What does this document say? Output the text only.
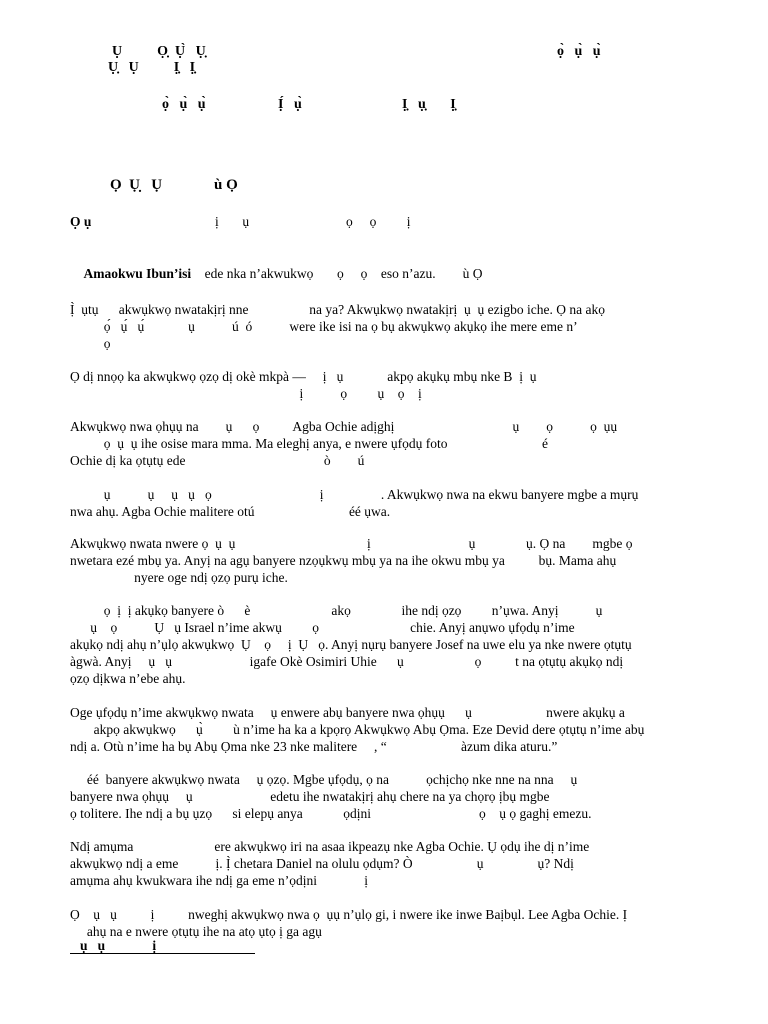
Ụ          Ọ̣  Ụ̀   Ụ̣	ọ̀   ụ̀   ụ̀
Ụ̣   Ụ          Ị̣   Ị̣
ọ̀   ụ̀   ụ̀	Ị́   ụ̀	Ị̣   ụ̣       Ị̣
Ọ  Ụ̣   Ụ	ù Ọ
Ọ ụ	ị       ụ	ọ     ọ         ị

Amaokwu Ibun’isi ede nka n’akwukwọ       ọ     ọ    eso n’azu.        ù Ọ

Ị̀  ụtụ      akwụkwọ nwatakịrị nne                  na ya? Akwụkwọ nwatakịrị  ụ  ụ ezigbo iche. Ọ na akọ
ọ́   ụ́   ụ́             ụ           ú  ó           were ike isi na ọ bụ akwụkwọ akụkọ ihe mere eme n’
ọ
Ọ dị nnọọ ka akwụkwọ ọzọ dị okè mkpà —     ị   ụ             akpọ akụkụ mbụ nke B  ị  ụ
ị           ọ         ụ    ọ    ị
Akwụkwọ nwa ọhụụ na        ụ      ọ          Agba Ochie adịghị                                   ụ        ọ           ọ  ụụ
ọ  ụ  ụ ihe osise mara mma. Ma eleghị anya, e nwere ụfọdụ foto                            é
Ochie dị ka ọtụtụ ede                                         ò        ú
ụ           ụ     ụ   ụ   ọ                                ị                 . Akwụkwọ nwa na ekwu banyere mgbe a mụrụ
nwa ahụ. Agba Ochie malitere otú                            éé ụwa.
Akwụkwọ nwata nwere ọ  ụ  ụ                                       ị                             ụ               ụ. Ọ na        mgbe ọ
nwetara ezé mbụ ya. Anyị na agụ banyere nzọụkwụ mbụ ya na ihe okwu mbụ ya          bụ. Mama ahụ
nyere oge ndị ọzọ purụ iche.
ọ  ị  ị akụkọ banyere ò      è                        akọ               ihe ndị ọzọ         n’ụwa. Anyị           ụ
ụ    ọ           Ụ   ụ Israel n’ime akwụ         ọ                           chie. Anyị anụwo ụfọdụ n’ime
akụkọ ndị ahụ n’ụlọ akwụkwọ  Ụ    ọ     ị  Ụ   ọ. Anyị nụrụ banyere Josef na uwe elu ya nke nwere ọtụtụ
àgwà. Anyị     ụ   ụ                       igafe Okè Osimiri Uhie      ụ                     ọ          t na ọtụtụ akụkọ ndị
ọzọ dịkwa n’ebe ahụ.
Oge ụfọdụ n’ime akwụkwọ nwata     ụ enwere abụ banyere nwa ọhụụ      ụ                      nwere akụkụ a
akpọ akwụkwọ      ụ̀         ù n’ime ha ka a kpọrọ Akwụkwọ Abụ Ọma. Eze Devid dere ọtụtụ n’ime abụ
ndị a. Otù n’ime ha bụ Abụ Ọma nke 23 nke malitere     , “                      àzum dika aturu.”
éé  banyere akwụkwọ nwata     ụ ọzọ. Mgbe ụfọdụ, ọ na           ọchịchọ nke nne na nna     ụ
banyere nwa ọhụụ     ụ                       edetu ihe nwatakịrị ahụ chere na ya chọrọ ịbụ mgbe
ọ tolitere. Ihe ndị a bụ ụzọ      si elepụ anya            ọdịni                                ọ    ụ ọ gaghị emezu.
Ndị amụma                        ere akwụkwọ iri na asaa ikpeazụ nke Agba Ochie. Ụ ọdụ ihe dị n’ime
akwụkwọ ndị a eme           ị. Ị̀ chetara Daniel na olulu ọdụm? Ò                   ụ                ụ? Ndị
amụma ahụ kwukwara ihe ndị ga eme n’ọdịni              ị
Ọ    ụ   ụ          ị          nweghị akwụkwọ nwa ọ  ụụ n’ụlọ gi, i nwere ike inwe Baịbụl. Lee Agba Ochie. Ị
ahụ na e nwere ọtụtụ ihe na atọ ụtọ ị ga agụ
ụ   ụ              ị
